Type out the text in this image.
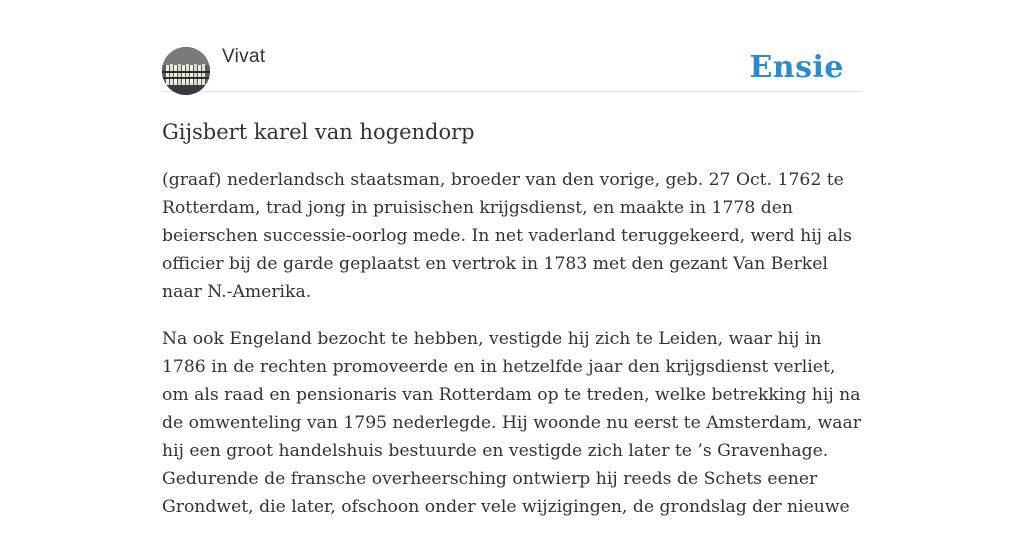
Vivat	Ensie
Gijsbert karel van hogendorp

(graaf) nederlandsch staatsman, broeder van den vorige, geb. 27 Oct. 1762 te Rotterdam, trad jong in pruisischen krijgsdienst, en maakte in 1778 den beierschen successie-oorlog mede. In net vaderland teruggekeerd, werd hij als officier bij de garde geplaatst en vertrok in 1783 met den gezant Van Berkel naar N.-Amerika.

Na ook Engeland bezocht te hebben, vestigde hij zich te Leiden, waar hij in 1786 in de rechten promoveerde en in hetzelfde jaar den krijgsdienst verliet, om als raad en pensionaris van Rotterdam op te treden, welke betrekking hij na de omwenteling van 1795 nederlegde. Hij woonde nu eerst te Amsterdam, waar hij een groot handelshuis bestuurde en vestigde zich later te ’s Gravenhage. Gedurende de fransche overheersching ontwierp hij reeds de Schets eener Grondwet, die later, ofschoon onder vele wijzigingen, de grondslag der nieuwe
